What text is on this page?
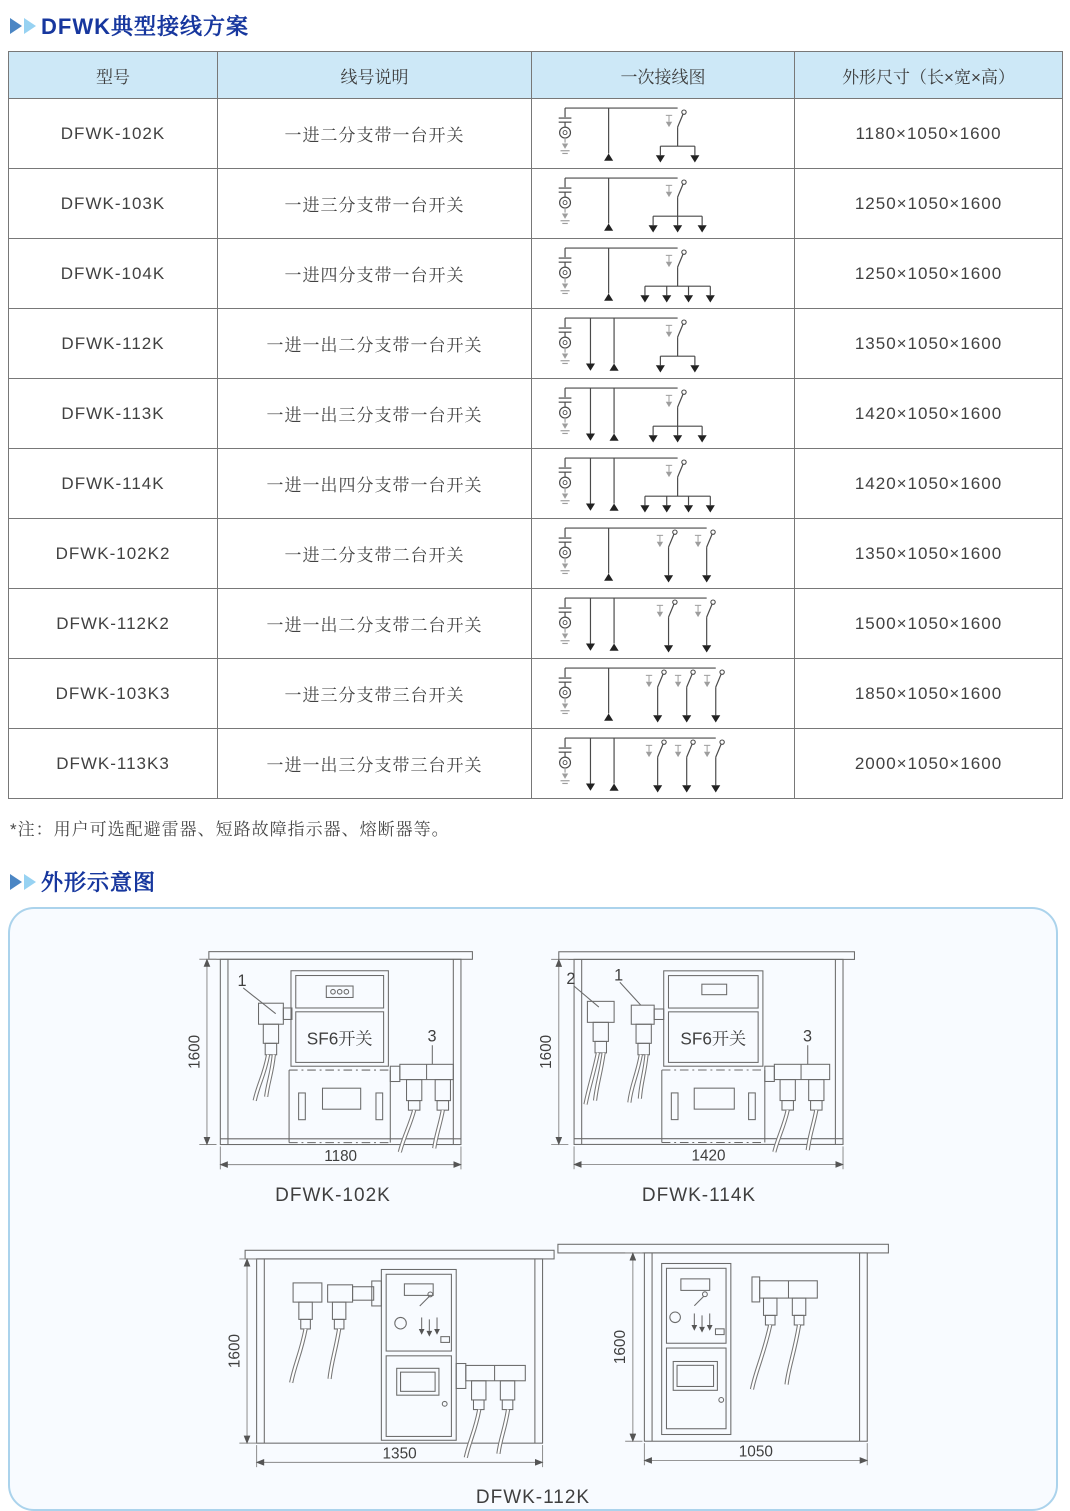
DFWK典型接线方案
型号	线号说明	一次接线图	外形尺寸（长×宽×高）
DFWK-102K	一进二分支带一台开关		1180×1050×1600
DFWK-103K	一进三分支带一台开关		1250×1050×1600
DFWK-104K	一进四分支带一台开关		1250×1050×1600
DFWK-112K	一进一出二分支带一台开关		1350×1050×1600
DFWK-113K	一进一出三分支带一台开关		1420×1050×1600
DFWK-114K	一进一出四分支带一台开关		1420×1050×1600
DFWK-102K2	一进二分支带二台开关		1350×1050×1600
DFWK-112K2	一进一出二分支带二台开关		1500×1050×1600
DFWK-103K3	一进三分支带三台开关		1850×1050×1600
DFWK-113K3	一进一出三分支带三台开关		2000×1050×1600
*注：用户可选配避雷器、短路故障指示器、熔断器等。
外形示意图
SF6开关
1
3
1600
1180
DFWK-102K
SF6开关
2 1
3
1600
1420
DFWK-114K
1600
1350
1600
1050
DFWK-112K
